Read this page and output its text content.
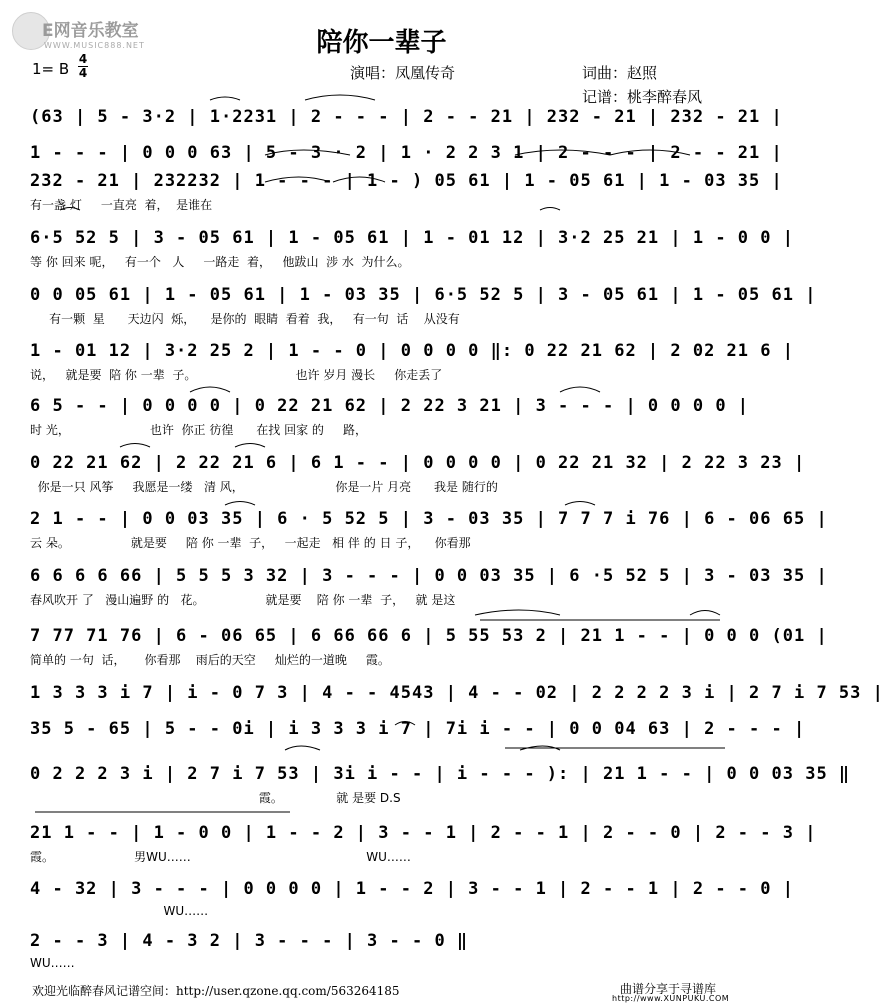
E网音乐教室
WWW.MUSIC888.NET	陪你一辈子
1= B
4
4	演唱：凤凰传奇	词曲：赵照
记谱：桃李醉春风
(63 | 5 - 3·2 | 1·2231 | 2 - - - | 2 - - 21 | 232 - 21 | 232 - 21 |
1 - - - | 0 0 0 63 | 5 - 3 · 2 | 1 · 2 2 3 1 | 2 - - - | 2 - - 21 |
232 - 21 | 232232 | 1 - - - | 1 - ) 05 61 | 1 - 05 61 | 1 - 03 35 |
有一盏 灯     一直亮  着，  是谁在
6·5 52 5 | 3 - 05 61 | 1 - 05 61 | 1 - 01 12 | 3·2 25 21 | 1 - 0 0 |
等 你 回来 呢，   有一个   人     一路走  着，   他跋山  涉 水  为什么。
0 0 05 61 | 1 - 05 61 | 1 - 03 35 | 6·5 52 5 | 3 - 05 61 | 1 - 05 61 |
有一颗  星      天边闪  烁，    是你的  眼睛  看着  我，   有一句  话    从没有
1 - 01 12 | 3·2 25 2 | 1 - - 0 | 0 0 0 0 ‖: 0 22 21 62 | 2 02 21 6 |
说，   就是要  陪 你 一辈  子。                          也许 岁月 漫长     你走丢了
6 5 - - | 0 0 0 0 | 0 22 21 62 | 2 22 3 21 | 3 - - - | 0 0 0 0 |
时 光，                     也许  你正 彷徨      在找 回家 的     路，
0 22 21 62 | 2 22 21 6 | 6 1 - - | 0 0 0 0 | 0 22 21 32 | 2 22 3 23 |
你是一只 风筝     我愿是一缕   清 风，                        你是一片 月亮      我是 随行的
2 1 - - | 0 0 03 35 | 6 · 5 52 5 | 3 - 03 35 | 7 7 7 i 76 | 6 - 06 65 |
云 朵。                就是要     陪 你 一辈  子，   一起走   相 伴 的 日 子，    你看那
6 6 6 6 66 | 5 5 5 3 32 | 3 - - - | 0 0 03 35 | 6 ·5 52 5 | 3 - 03 35 |
春风吹开 了   漫山遍野 的   花。                就是要    陪 你 一辈  子，   就 是这
7 77 71 76 | 6 - 06 65 | 6 66 66 6 | 5 55 53 2 | 21 1 - - | 0 0 0 (01 |
简单的 一句  话，     你看那    雨后的天空     灿烂的一道晚     霞。
1 3 3 3 i 7 | i - 0 7 3 | 4 - - 4543 | 4 - - 02 | 2 2 2 2 3 i | 2 7 i 7 53 |
35 5 - 65 | 5 - - 0i | i 3 3 3 i 7 | 7i i - - | 0 0 04 63 | 2 - - - |
0 2 2 2 3 i | 2 7 i 7 53 | 3i i - - | i - - - ): | 21 1 - - | 0 0 03 35 ‖
霞。              就 是要 D.S
21 1 - - | 1 - 0 0 | 1 - - 2 | 3 - - 1 | 2 - - 1 | 2 - - 0 | 2 - - 3 |
霞。                     男WU……                                              WU……
4 - 32 | 3 - - - | 0 0 0 0 | 1 - - 2 | 3 - - 1 | 2 - - 1 | 2 - - 0 |
WU……
2 - - 3 | 4 - 3 2 | 3 - - - | 3 - - 0 ‖
WU……
欢迎光临醉春风记谱空间：http://user.qzone.qq.com/563264185	曲谱分享于寻谱库
http://www.XUNPUKU.COM
